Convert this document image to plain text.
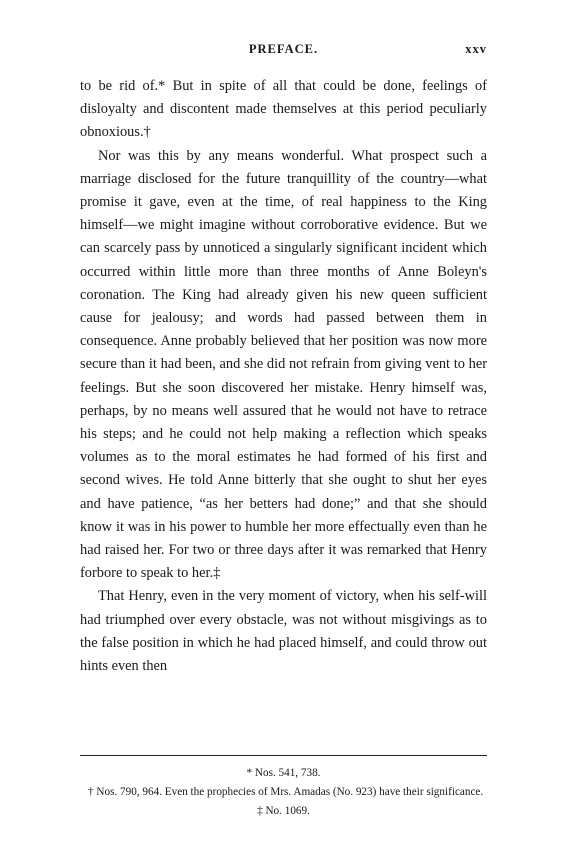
PREFACE.	xxv

to be rid of.* But in spite of all that could be done, feelings of disloyalty and discontent made themselves at this period peculiarly obnoxious.†

Nor was this by any means wonderful. What prospect such a marriage disclosed for the future tranquillity of the country—what promise it gave, even at the time, of real happiness to the King himself—we might imagine without corroborative evidence. But we can scarcely pass by unnoticed a singularly significant incident which occurred within little more than three months of Anne Boleyn's coronation. The King had already given his new queen sufficient cause for jealousy; and words had passed between them in consequence. Anne probably believed that her position was now more secure than it had been, and she did not refrain from giving vent to her feelings. But she soon discovered her mistake. Henry himself was, perhaps, by no means well assured that he would not have to retrace his steps; and he could not help making a reflection which speaks volumes as to the moral estimates he had formed of his first and second wives. He told Anne bitterly that she ought to shut her eyes and have patience, “as her betters had done;” and that she should know it was in his power to humble her more effectually even than he had raised her. For two or three days after it was remarked that Henry forbore to speak to her.‡

That Henry, even in the very moment of victory, when his self-will had triumphed over every obstacle, was not without misgivings as to the false position in which he had placed himself, and could throw out hints even then

* Nos. 541, 738.

† Nos. 790, 964. Even the prophecies of Mrs. Amadas (No. 923) have their significance.

‡ No. 1069.
